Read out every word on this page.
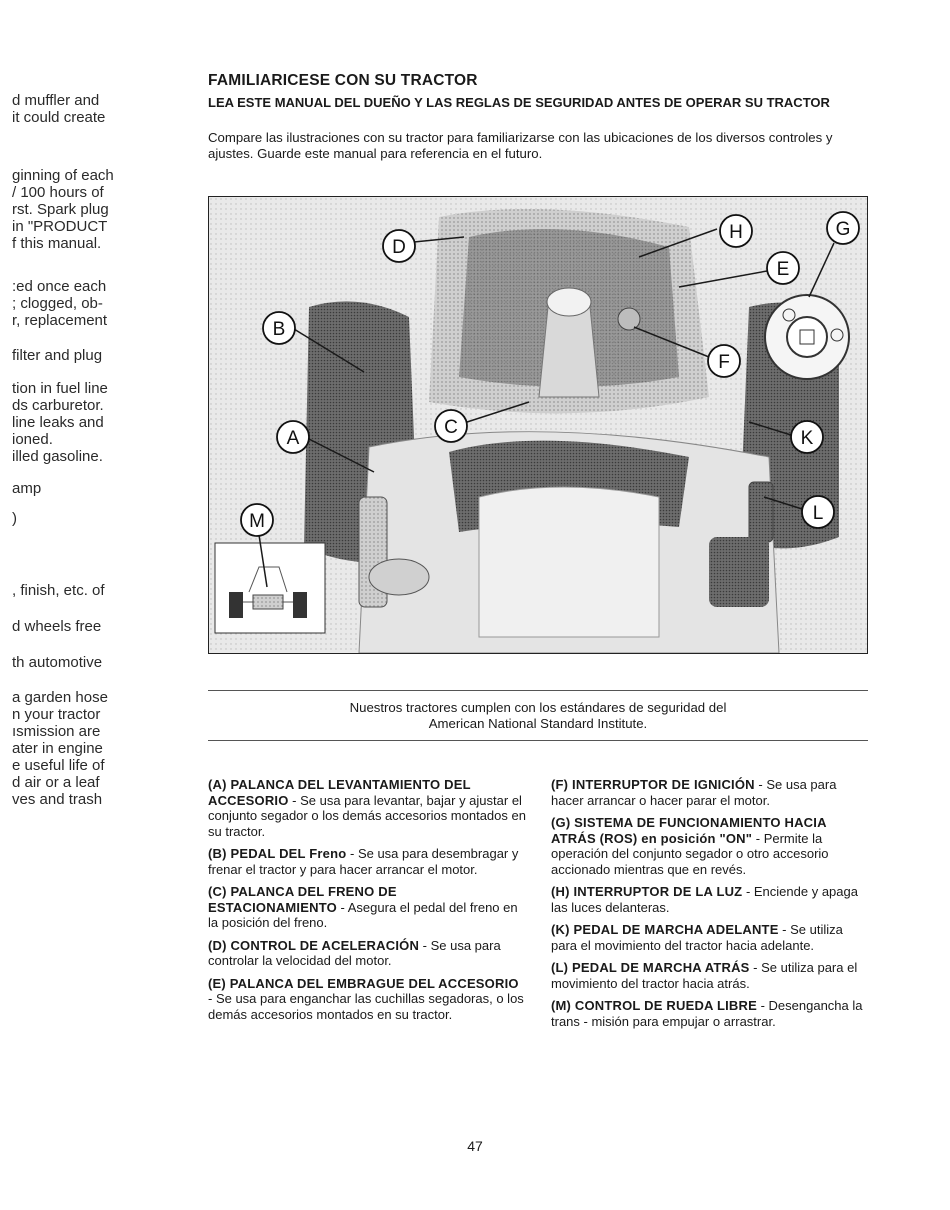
d muffler and
it could create
ginning of each
/ 100 hours of
rst. Spark plug
in "PRODUCT
f this manual.
:ed once each
; clogged, ob-
r, replacement
filter and plug
tion in fuel line
ds carburetor.
line leaks and
ioned.
illed gasoline.
amp
)
, finish, etc. of
d wheels free
th automotive
a garden hose
n your tractor
ısmission are
ater in engine
e useful life of
d air or a leaf
ves and trash
FAMILIARICESE CON SU TRACTOR
LEA ESTE MANUAL DEL DUEÑO Y LAS REGLAS DE SEGURIDAD ANTES DE OPERAR SU TRACTOR
Compare las ilustraciones con su tractor para familiarizarse con las ubicaciones de los diversos controles y ajustes. Guarde este manual para referencia en el futuro.
D
H	G
E
B
F
C
A	K
L
M
Nuestros tractores cumplen con los estándares de seguridad del
American National Standard Institute.

(A) PALANCA DEL LEVANTAMIENTO DEL ACCESORIO - Se usa para levantar, bajar y ajustar el conjunto segador o los demás accesorios montados en su tractor.

(B) PEDAL DEL Freno - Se usa para desembragar y frenar el tractor y para hacer arrancar el motor.

(C) PALANCA DEL FRENO DE ESTACIONAMIENTO - Asegura el pedal del freno en la posición del freno.

(D) CONTROL DE ACELERACIÓN - Se usa para controlar la velocidad del motor.

(E) PALANCA DEL EMBRAGUE DEL ACCESORIO - Se usa para enganchar las cuchillas segadoras, o los demás accesorios montados en su tractor.

(F) INTERRUPTOR DE IGNICIÓN - Se usa para hacer arrancar o hacer parar el motor.

(G) SISTEMA DE FUNCIONAMIENTO HACIA ATRÁS (ROS) en posición "ON" - Permite la operación del conjunto segador o otro accesorio accionado mientras que en revés.

(H) INTERRUPTOR DE LA LUZ - Enciende y apaga las luces delanteras.

(K) PEDAL DE MARCHA ADELANTE - Se utiliza para el movimiento del tractor hacia adelante.

(L) PEDAL DE MARCHA ATRÁS - Se utiliza para el movimiento del tractor hacia atrás.

(M) CONTROL DE RUEDA LIBRE - Desengancha la trans - misión para empujar o arrastrar.

47
